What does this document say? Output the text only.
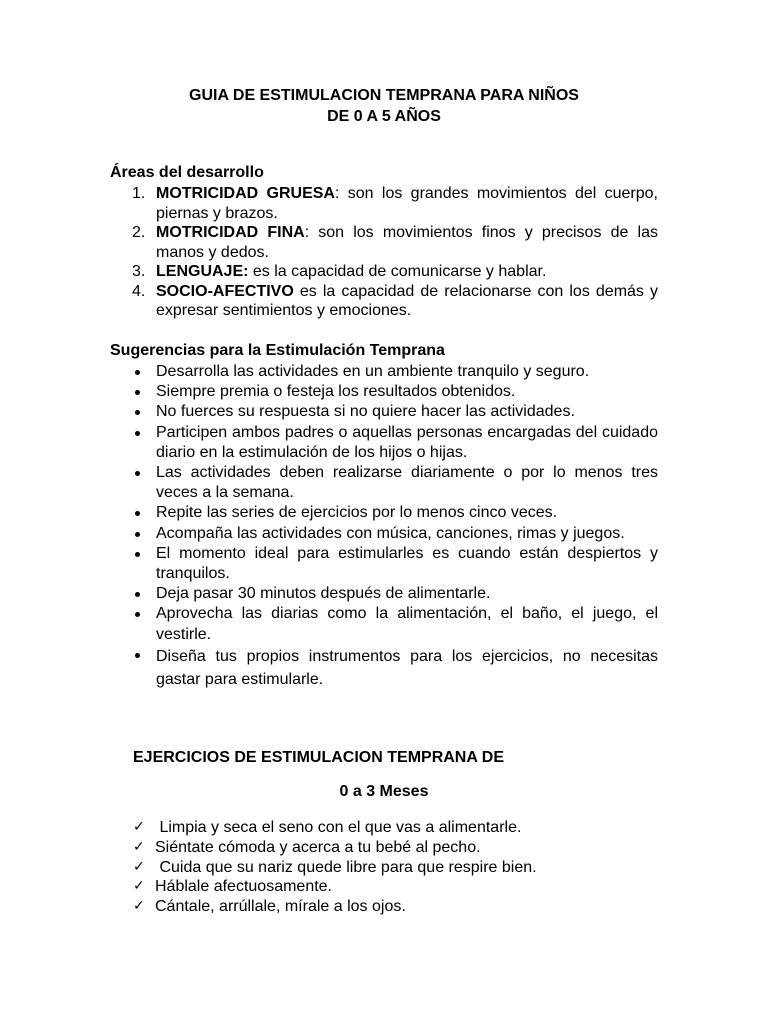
GUIA DE ESTIMULACION TEMPRANA PARA NIÑOS
DE 0 A 5 AÑOS
Áreas del desarrollo
1. MOTRICIDAD GRUESA: son los grandes movimientos del cuerpo, piernas y brazos.
2. MOTRICIDAD FINA: son los movimientos finos y precisos de las manos y dedos.
3. LENGUAJE: es la capacidad de comunicarse y hablar.
4. SOCIO-AFECTIVO es la capacidad de relacionarse con los demás y expresar sentimientos y emociones.
Sugerencias para la Estimulación Temprana
Desarrolla las actividades en un ambiente tranquilo y seguro.
Siempre premia o festeja los resultados obtenidos.
No fuerces su respuesta si no quiere hacer las actividades.
Participen ambos padres o aquellas personas encargadas del cuidado diario en la estimulación de los hijos o hijas.
Las actividades deben realizarse diariamente o por lo menos tres veces a la semana.
Repite las series de ejercicios por lo menos cinco veces.
Acompaña las actividades con música, canciones, rimas y juegos.
El momento ideal para estimularles es cuando están despiertos y tranquilos.
Deja pasar 30 minutos después de alimentarle.
Aprovecha las diarias como la alimentación, el baño, el juego, el vestirle.
Diseña tus propios instrumentos para los ejercicios, no necesitas gastar para estimularle.
EJERCICIOS DE ESTIMULACION TEMPRANA DE
0 a 3 Meses
✓ Limpia y seca el seno con el que vas a alimentarle.
✓ Siéntate cómoda y acerca a tu bebé al pecho.
✓ Cuida que su nariz quede libre para que respire bien.
✓ Háblale afectuosamente.
✓ Cántale, arrúllale, mírale a los ojos.
